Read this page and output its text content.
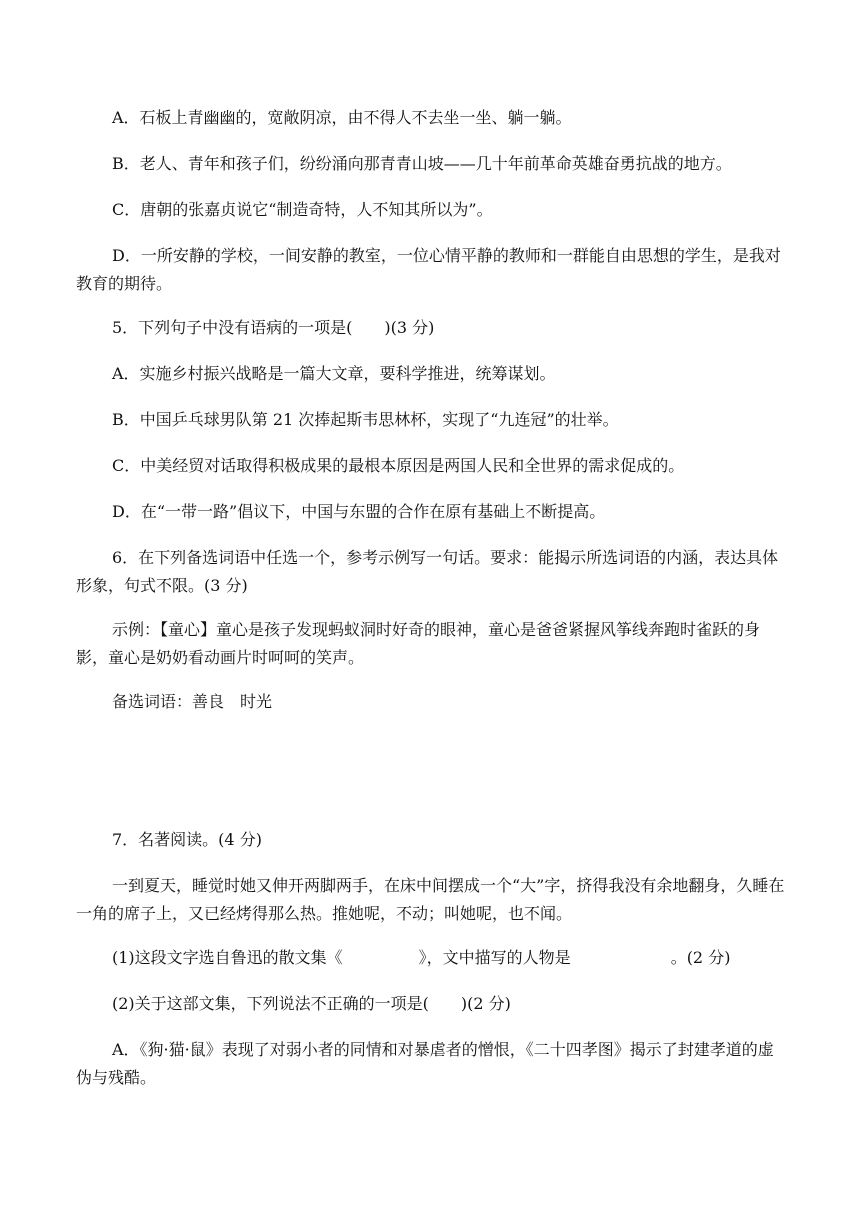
A．石板上青幽幽的，宽敞阴凉，由不得人不去坐一坐、躺一躺。

B．老人、青年和孩子们，纷纷涌向那青青山坡——几十年前革命英雄奋勇抗战的地方。

C．唐朝的张嘉贞说它“制造奇特，人不知其所以为”。

D．一所安静的学校，一间安静的教室，一位心情平静的教师和一群能自由思想的学生，是我对教育的期待。

5．下列句子中没有语病的一项是(　　)(3 分)

A．实施乡村振兴战略是一篇大文章，要科学推进，统筹谋划。

B．中国乒乓球男队第 21 次捧起斯韦思林杯，实现了“九连冠”的壮举。

C．中美经贸对话取得积极成果的最根本原因是两国人民和全世界的需求促成的。

D．在“一带一路”倡议下，中国与东盟的合作在原有基础上不断提高。

6．在下列备选词语中任选一个，参考示例写一句话。要求：能揭示所选词语的内涵，表达具体形象，句式不限。(3 分)

示例：【童心】童心是孩子发现蚂蚁洞时好奇的眼神，童心是爸爸紧握风筝线奔跑时雀跃的身影，童心是奶奶看动画片时呵呵的笑声。

备选词语：善良　时光

7．名著阅读。(4 分)

一到夏天，睡觉时她又伸开两脚两手，在床中间摆成一个“大”字，挤得我没有余地翻身，久睡在一角的席子上，又已经烤得那么热。推她呢，不动；叫她呢，也不闻。

(1)这段文字选自鲁迅的散文集《	》，文中描写的人物是	。(2 分)

(2)关于这部文集，下列说法不正确的一项是(　　)(2 分)

A．《狗·猫·鼠》表现了对弱小者的同情和对暴虐者的憎恨，《二十四孝图》揭示了封建孝道的虚伪与残酷。
